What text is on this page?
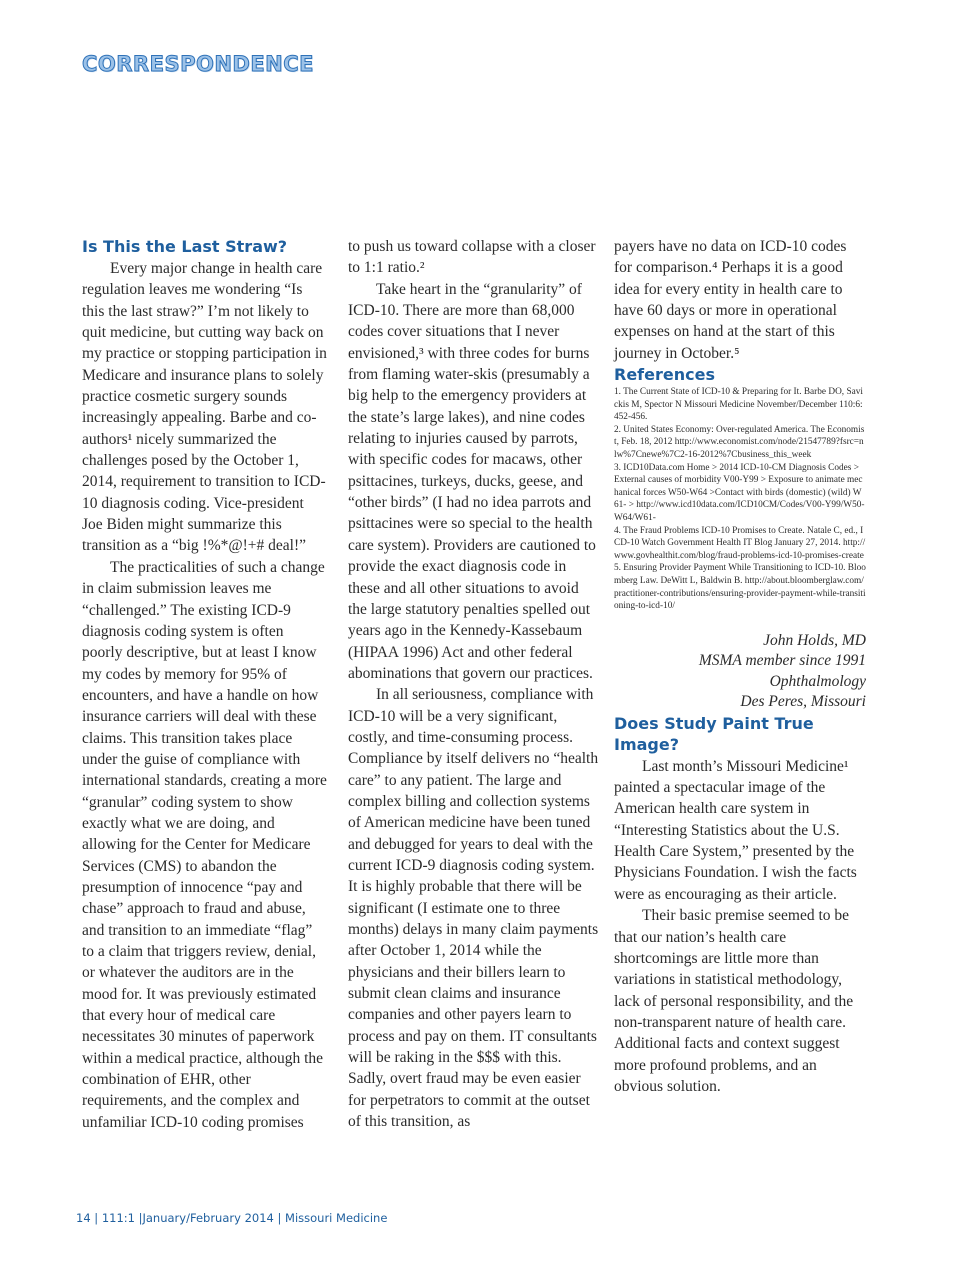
CORRESPONDENCE
Is This the Last Straw?

Every major change in health care regulation leaves me wondering “Is this the last straw?” I’m not likely to quit medicine, but cutting way back on my practice or stopping participation in Medicare and insurance plans to solely practice cosmetic surgery sounds increasingly appealing. Barbe and co-authors¹ nicely summarized the challenges posed by the October 1, 2014, requirement to transition to ICD-10 diagnosis coding. Vice-president Joe Biden might summarize this transition as a “big !%*@!+# deal!”

The practicalities of such a change in claim submission leaves me “challenged.” The existing ICD-9 diagnosis coding system is often poorly descriptive, but at least I know my codes by memory for 95% of encounters, and have a handle on how insurance carriers will deal with these claims. This transition takes place under the guise of compliance with international standards, creating a more “granular” coding system to show exactly what we are doing, and allowing for the Center for Medicare Services (CMS) to abandon the presumption of innocence “pay and chase” approach to fraud and abuse, and transition to an immediate “flag” to a claim that triggers review, denial, or whatever the auditors are in the mood for. It was previously estimated that every hour of medical care necessitates 30 minutes of paperwork within a medical practice, although the combination of EHR, other requirements, and the complex and unfamiliar ICD-10 coding promises

to push us toward collapse with a closer to 1:1 ratio.²

Take heart in the “granularity” of ICD-10. There are more than 68,000 codes cover situations that I never envisioned,³ with three codes for burns from flaming water-skis (presumably a big help to the emergency providers at the state’s large lakes), and nine codes relating to injuries caused by parrots, with specific codes for macaws, other psittacines, turkeys, ducks, geese, and “other birds” (I had no idea parrots and psittacines were so special to the health care system). Providers are cautioned to provide the exact diagnosis code in these and all other situations to avoid the large statutory penalties spelled out years ago in the Kennedy-Kassebaum (HIPAA 1996) Act and other federal abominations that govern our practices.

In all seriousness, compliance with ICD-10 will be a very significant, costly, and time-consuming process. Compliance by itself delivers no “health care” to any patient. The large and complex billing and collection systems of American medicine have been tuned and debugged for years to deal with the current ICD-9 diagnosis coding system. It is highly probable that there will be significant (I estimate one to three months) delays in many claim payments after October 1, 2014 while the physicians and their billers learn to submit clean claims and insurance companies and other payers learn to process and pay on them. IT consultants will be raking in the $$$ with this. Sadly, overt fraud may be even easier for perpetrators to commit at the outset of this transition, as

payers have no data on ICD-10 codes for comparison.⁴ Perhaps it is a good idea for every entity in health care to have 60 days or more in operational expenses on hand at the start of this journey in October.⁵

References
1. The Current State of ICD-10 & Preparing for It. Barbe DO, Savickis M, Spector N Missouri Medicine November/December 110:6:452-456.
2. United States Economy: Over-regulated America. The Economist, Feb. 18, 2012 http://www.economist.com/node/21547789?fsrc=nlw%7Cnewe%7C2-16-2012%7Cbusiness_this_week
3. ICD10Data.com Home > 2014 ICD-10-CM Diagnosis Codes > External causes of morbidity V00-Y99 > Exposure to animate mechanical forces W50-W64 >Contact with birds (domestic) (wild) W61- > http://www.icd10data.com/ICD10CM/Codes/V00-Y99/W50-W64/W61-
4. The Fraud Problems ICD-10 Promises to Create. Natale C, ed., ICD-10 Watch Government Health IT Blog January 27, 2014. http://www.govhealthit.com/blog/fraud-problems-icd-10-promises-create
5. Ensuring Provider Payment While Transitioning to ICD-10. Bloomberg Law. DeWitt L, Baldwin B. http://about.bloomberglaw.com/practitioner-contributions/ensuring-provider-payment-while-transitioning-to-icd-10/
John Holds, MD
MSMA member since 1991
Ophthalmology
Des Peres, Missouri
Does Study Paint True Image?

Last month’s Missouri Medicine¹ painted a spectacular image of the American health care system in “Interesting Statistics about the U.S. Health Care System,” presented by the Physicians Foundation. I wish the facts were as encouraging as their article.

Their basic premise seemed to be that our nation’s health care shortcomings are little more than variations in statistical methodology, lack of personal responsibility, and the non-transparent nature of health care. Additional facts and context suggest more profound problems, and an obvious solution.

14 | 111:1 |January/February 2014 | Missouri Medicine
